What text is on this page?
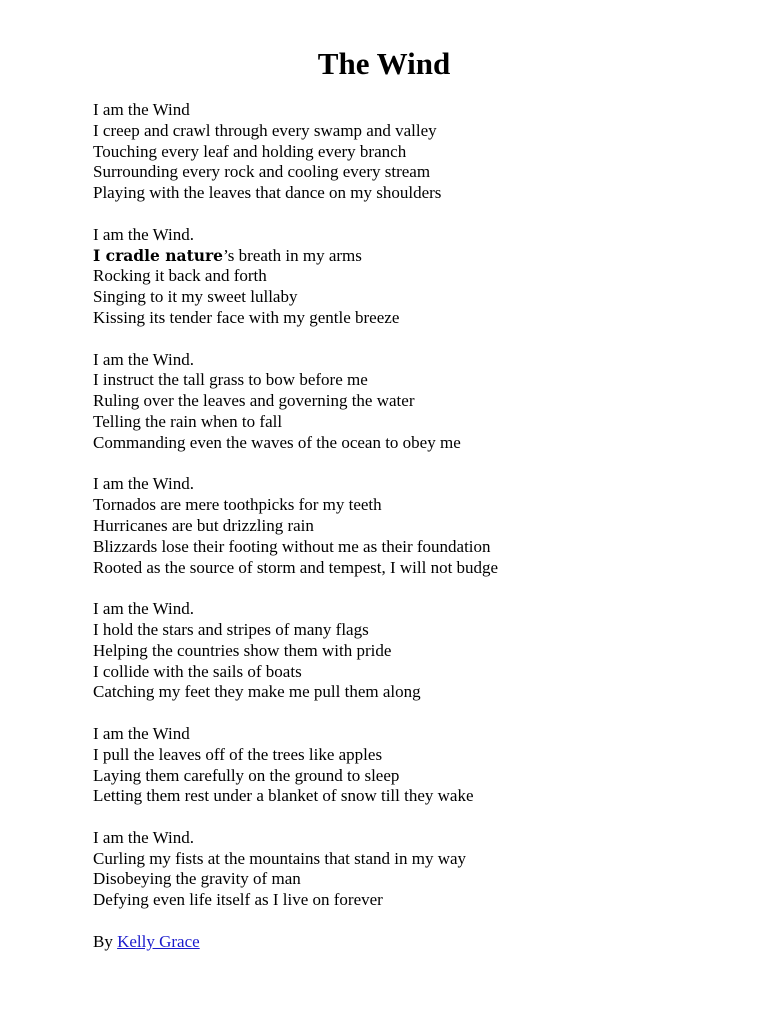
The Wind
I am the Wind
I creep and crawl through every swamp and valley
Touching every leaf and holding every branch
Surrounding every rock and cooling every stream
Playing with the leaves that dance on my shoulders
I am the Wind.
I cradle nature’s breath in my arms
Rocking it back and forth
Singing to it my sweet lullaby
Kissing its tender face with my gentle breeze
I am the Wind.
I instruct the tall grass to bow before me
Ruling over the leaves and governing the water
Telling the rain when to fall
Commanding even the waves of the ocean to obey me
I am the Wind.
Tornados are mere toothpicks for my teeth
Hurricanes are but drizzling rain
Blizzards lose their footing without me as their foundation
Rooted as the source of storm and tempest, I will not budge
I am the Wind.
I hold the stars and stripes of many flags
Helping the countries show them with pride
I collide with the sails of boats
Catching my feet they make me pull them along
I am the Wind
I pull the leaves off of the trees like apples
Laying them carefully on the ground to sleep
Letting them rest under a blanket of snow till they wake
I am the Wind.
Curling my fists at the mountains that stand in my way
Disobeying the gravity of man
Defying even life itself as I live on forever
By Kelly Grace
